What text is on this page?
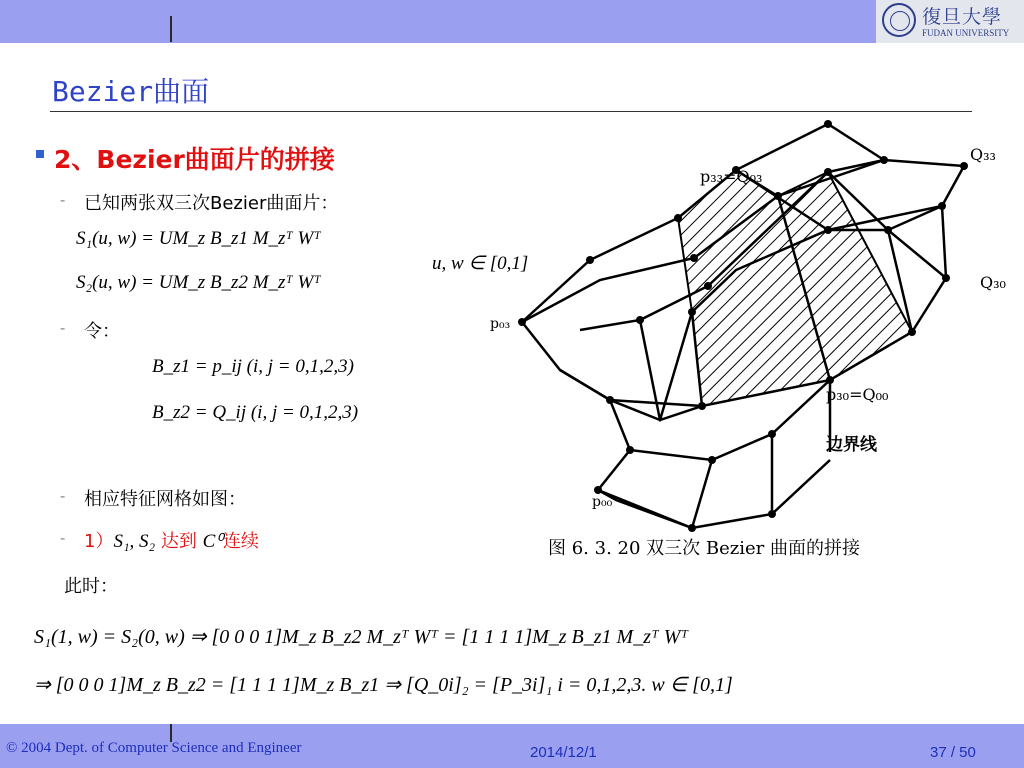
復旦大學
FUDAN UNIVERSITY
Bezier曲面
2、Bezier曲面片的拼接
- 已知两张双三次Bezier曲面片：
S₁(u, w) = UM_z B_z1 M_zᵀ Wᵀ
S₂(u, w) = UM_z B_z2 M_zᵀ Wᵀ
u, w ∈ [0,1]
- 令：
B_z1 = p_ij (i, j = 0,1,2,3)
B_z2 = Q_ij (i, j = 0,1,2,3)
- 相应特征网格如图：
- 1）S₁, S₂ 达到 C⁰连续
此时：
S₁(1, w) = S₂(0, w) ⇒ [0 0 0 1]M_z B_z2 M_zᵀ Wᵀ = [1 1 1 1]M_z B_z1 M_zᵀ Wᵀ
⇒ [0 0 0 1]M_z B_z2 = [1 1 1 1]M_z B_z1 ⇒ [Q_0i]₂ = [P_3i]₁ i = 0,1,2,3. w ∈ [0,1]
p₃₃=Q₀₃
Q₃₃
p₀₃
Q₃₀
p₃₀=Q₀₀
边界线
p₀₀
图 6. 3. 20 双三次 Bezier 曲面的拼接
© 2004 Dept. of Computer Science and Engineer	2014/12/1	37 / 50
